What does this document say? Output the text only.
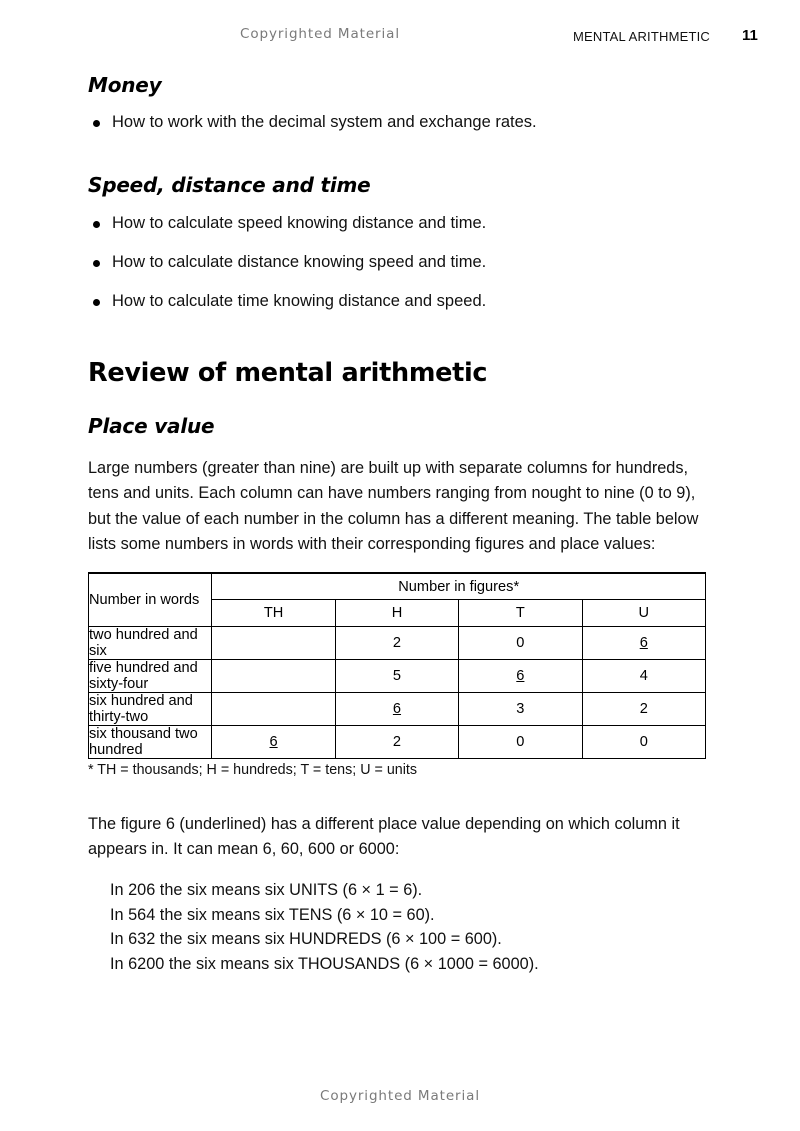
Copyrighted Material	MENTAL ARITHMETIC 11
Money
How to work with the decimal system and exchange rates.
Speed, distance and time
How to calculate speed knowing distance and time.
How to calculate distance knowing speed and time.
How to calculate time knowing distance and speed.
Review of mental arithmetic
Place value

Large numbers (greater than nine) are built up with separate columns for hundreds, tens and units. Each column can have numbers ranging from nought to nine (0 to 9), but the value of each number in the column has a different meaning. The table below lists some numbers in words with their corresponding figures and place values:

Number in words	Number in figures*			
	TH	H	T	U
two hundred and six		2	0	6
five hundred and sixty-four		5	6	4
six hundred and thirty-two		6	3	2
six thousand two hundred	6	2	0	0
* TH = thousands; H = hundreds; T = tens; U = units

The figure 6 (underlined) has a different place value depending on which column it appears in. It can mean 6, 60, 600 or 6000:

In 206 the six means six UNITS (6 × 1 = 6).
In 564 the six means six TENS (6 × 10 = 60).
In 632 the six means six HUNDREDS (6 × 100 = 600).
In 6200 the six means six THOUSANDS (6 × 1000 = 6000).
Copyrighted Material
